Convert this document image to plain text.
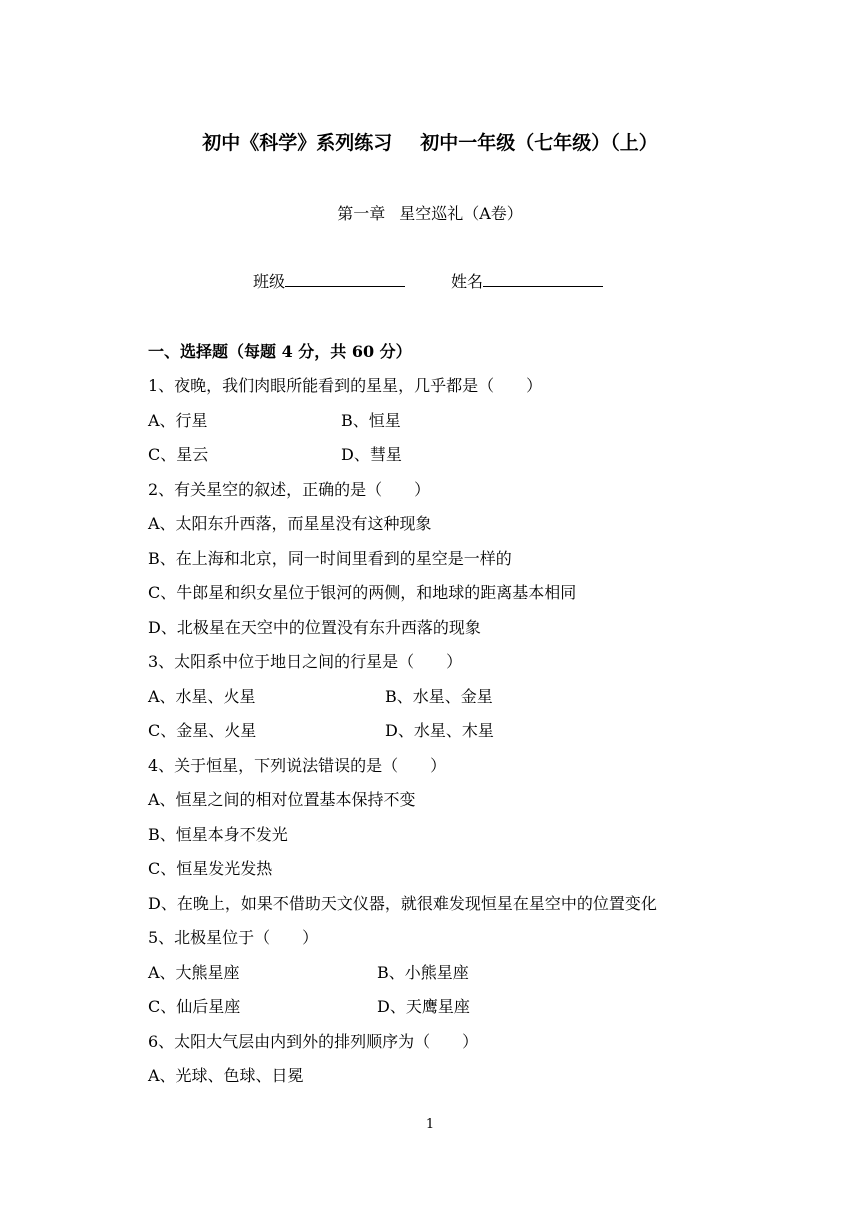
初中《科学》系列练习 初中一年级（七年级）（上）
第一章 星空巡礼（A卷）
班级	姓名
一、选择题（每题 4 分，共 60 分）
1、夜晚，我们肉眼所能看到的星星，几乎都是（　　）
A、行星	B、恒星
C、星云	D、彗星
2、有关星空的叙述，正确的是（　　）
A、太阳东升西落，而星星没有这种现象
B、在上海和北京，同一时间里看到的星空是一样的
C、牛郎星和织女星位于银河的两侧，和地球的距离基本相同
D、北极星在天空中的位置没有东升西落的现象
3、太阳系中位于地日之间的行星是（　　）
A、水星、火星	B、水星、金星
C、金星、火星	D、水星、木星
4、关于恒星，下列说法错误的是（　　）
A、恒星之间的相对位置基本保持不变
B、恒星本身不发光
C、恒星发光发热
D、在晚上，如果不借助天文仪器，就很难发现恒星在星空中的位置变化
5、北极星位于（　　）
A、大熊星座	B、小熊星座
C、仙后星座	D、天鹰星座
6、太阳大气层由内到外的排列顺序为（　　）
A、光球、色球、日冕
1
